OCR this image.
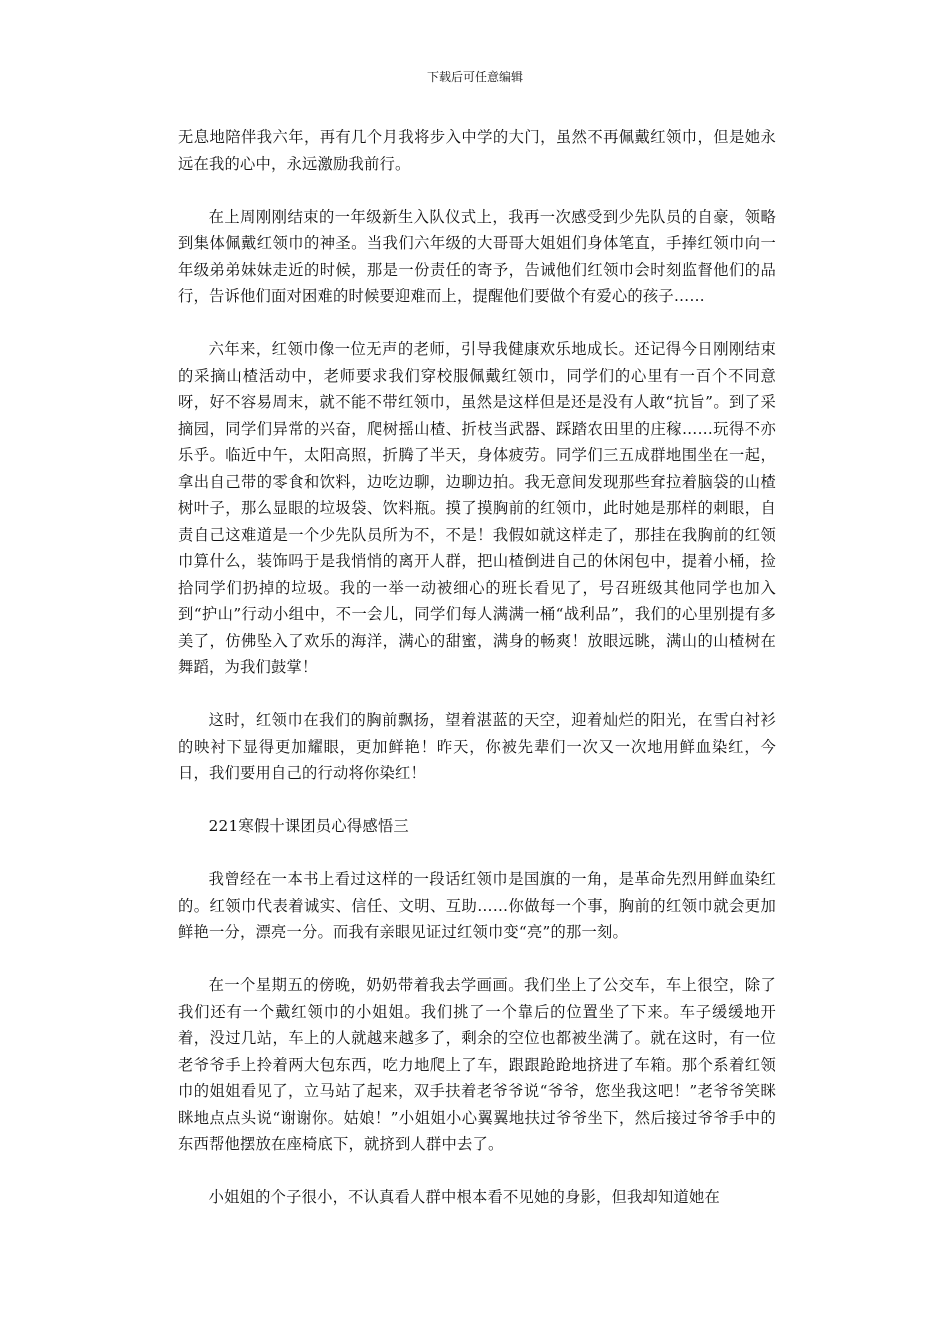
下载后可任意编辑

无息地陪伴我六年，再有几个月我将步入中学的大门，虽然不再佩戴红领巾，但是她永远在我的心中，永远激励我前行。

在上周刚刚结束的一年级新生入队仪式上，我再一次感受到少先队员的自豪，领略到集体佩戴红领巾的神圣。当我们六年级的大哥哥大姐姐们身体笔直，手捧红领巾向一年级弟弟妹妹走近的时候，那是一份责任的寄予，告诫他们红领巾会时刻监督他们的品行，告诉他们面对困难的时候要迎难而上，提醒他们要做个有爱心的孩子……

六年来，红领巾像一位无声的老师，引导我健康欢乐地成长。还记得今日刚刚结束的采摘山楂活动中，老师要求我们穿校服佩戴红领巾，同学们的心里有一百个不同意呀，好不容易周末，就不能不带红领巾，虽然是这样但是还是没有人敢“抗旨”。到了采摘园，同学们异常的兴奋，爬树摇山楂、折枝当武器、踩踏农田里的庄稼……玩得不亦乐乎。临近中午，太阳高照，折腾了半天，身体疲劳。同学们三五成群地围坐在一起，拿出自己带的零食和饮料，边吃边聊，边聊边拍。我无意间发现那些耷拉着脑袋的山楂树叶子，那么显眼的垃圾袋、饮料瓶。摸了摸胸前的红领巾，此时她是那样的刺眼，自责自己这难道是一个少先队员所为不，不是！我假如就这样走了，那挂在我胸前的红领巾算什么，装饰吗于是我悄悄的离开人群，把山楂倒进自己的休闲包中，提着小桶，捡拾同学们扔掉的垃圾。我的一举一动被细心的班长看见了，号召班级其他同学也加入到“护山”行动小组中，不一会儿，同学们每人满满一桶“战利品”，我们的心里别提有多美了，仿佛坠入了欢乐的海洋，满心的甜蜜，满身的畅爽！放眼远眺，满山的山楂树在舞蹈，为我们鼓掌！

这时，红领巾在我们的胸前飘扬，望着湛蓝的天空，迎着灿烂的阳光，在雪白衬衫的映衬下显得更加耀眼，更加鲜艳！昨天，你被先辈们一次又一次地用鲜血染红，今日，我们要用自己的行动将你染红！

221寒假十课团员心得感悟三

我曾经在一本书上看过这样的一段话红领巾是国旗的一角，是革命先烈用鲜血染红的。红领巾代表着诚实、信任、文明、互助……你做每一个事，胸前的红领巾就会更加鲜艳一分，漂亮一分。而我有亲眼见证过红领巾变“亮”的那一刻。

在一个星期五的傍晚，奶奶带着我去学画画。我们坐上了公交车，车上很空，除了我们还有一个戴红领巾的小姐姐。我们挑了一个靠后的位置坐了下来。车子缓缓地开着，没过几站，车上的人就越来越多了，剩余的空位也都被坐满了。就在这时，有一位老爷爷手上拎着两大包东西，吃力地爬上了车，跟跟跄跄地挤进了车箱。那个系着红领巾的姐姐看见了，立马站了起来，双手扶着老爷爷说“爷爷，您坐我这吧！”老爷爷笑眯眯地点点头说“谢谢你。姑娘！”小姐姐小心翼翼地扶过爷爷坐下，然后接过爷爷手中的东西帮他摆放在座椅底下，就挤到人群中去了。

小姐姐的个子很小，不认真看人群中根本看不见她的身影，但我却知道她在
